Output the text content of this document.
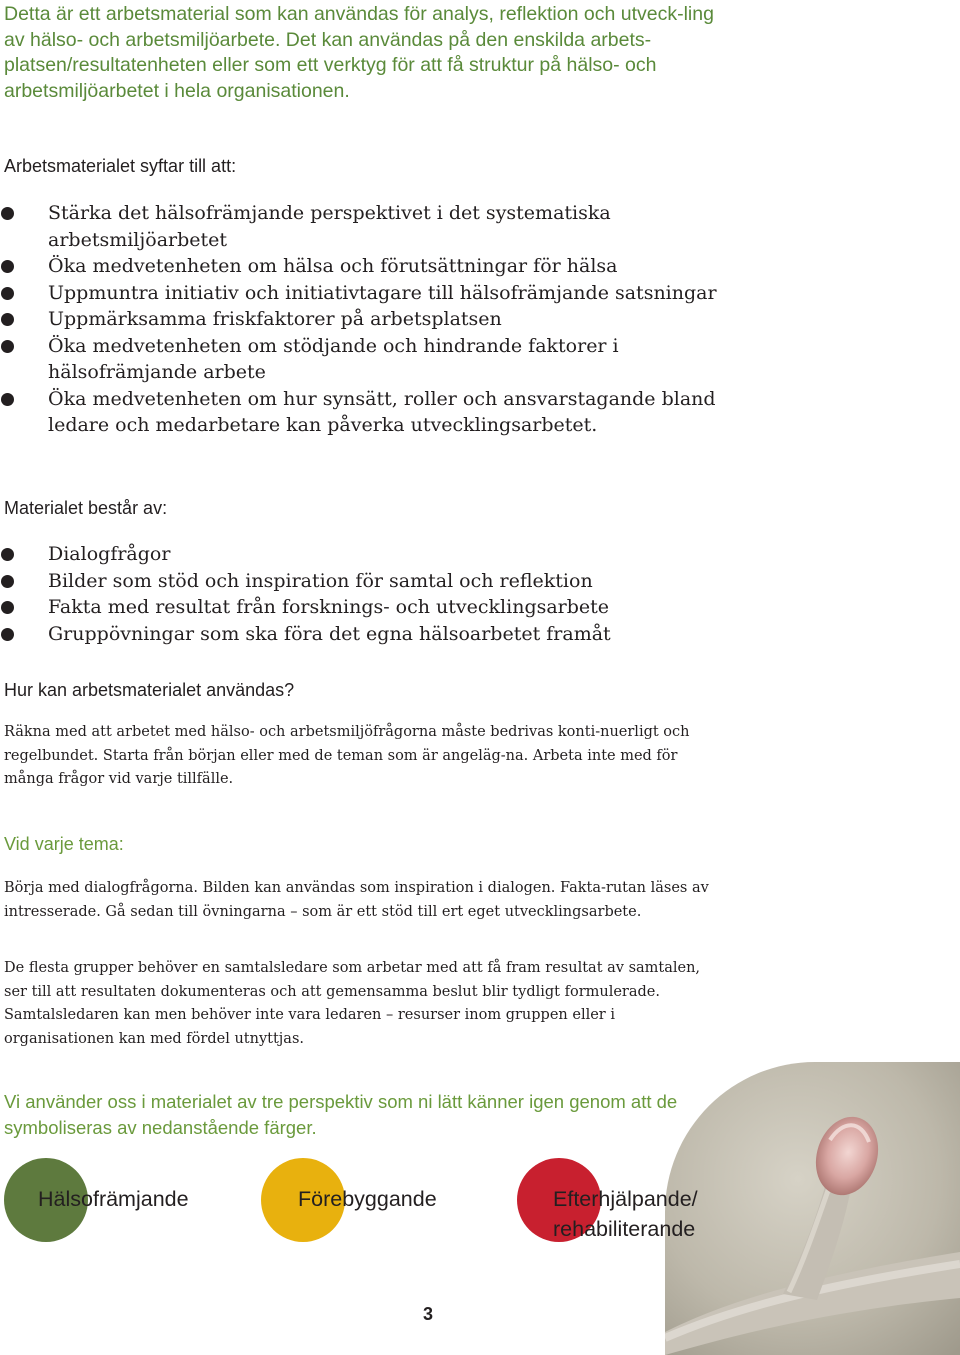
Detta är ett arbetsmaterial som kan användas för analys, reflektion och utveck-ling av hälso- och arbetsmiljöarbete. Det kan användas på den enskilda arbets-platsen/resultatenheten eller som ett verktyg för att få struktur på hälso- och arbetsmiljöarbetet i hela organisationen.

Arbetsmaterialet syftar till att:
Stärka det hälsofrämjande perspektivet i det systematiska arbetsmiljöarbetet
Öka medvetenheten om hälsa och förutsättningar för hälsa
Uppmuntra initiativ och initiativtagare till hälsofrämjande satsningar
Uppmärksamma friskfaktorer på arbetsplatsen
Öka medvetenheten om stödjande och hindrande faktorer i hälsofrämjande arbete
Öka medvetenheten om hur synsätt, roller och ansvarstagande bland ledare och medarbetare kan påverka utvecklingsarbetet.
Materialet består av:
Dialogfrågor
Bilder som stöd och inspiration för samtal och reflektion
Fakta med resultat från forsknings- och utvecklingsarbete
Gruppövningar som ska föra det egna hälsoarbetet framåt
Hur kan arbetsmaterialet användas?

Räkna med att arbetet med hälso- och arbetsmiljöfrågorna måste bedrivas konti-nuerligt och regelbundet. Starta från början eller med de teman som är angeläg-na. Arbeta inte med för många frågor vid varje tillfälle.

Vid varje tema:

Börja med dialogfrågorna. Bilden kan användas som inspiration i dialogen. Fakta-rutan läses av intresserade. Gå sedan till övningarna – som är ett stöd till ert eget utvecklingsarbete.

De flesta grupper behöver en samtalsledare som arbetar med att få fram resultat av samtalen, ser till att resultaten dokumenteras och att gemensamma beslut blir tydligt formulerade. Samtalsledaren kan men behöver inte vara ledaren – resurser inom gruppen eller i organisationen kan med fördel utnyttjas.

Vi använder oss i materialet av tre perspektiv som ni lätt känner igen genom att de symboliseras av nedanstående färger.

Hälsofrämjande	Förebyggande	Efterhjälpande/ rehabiliterande
3
